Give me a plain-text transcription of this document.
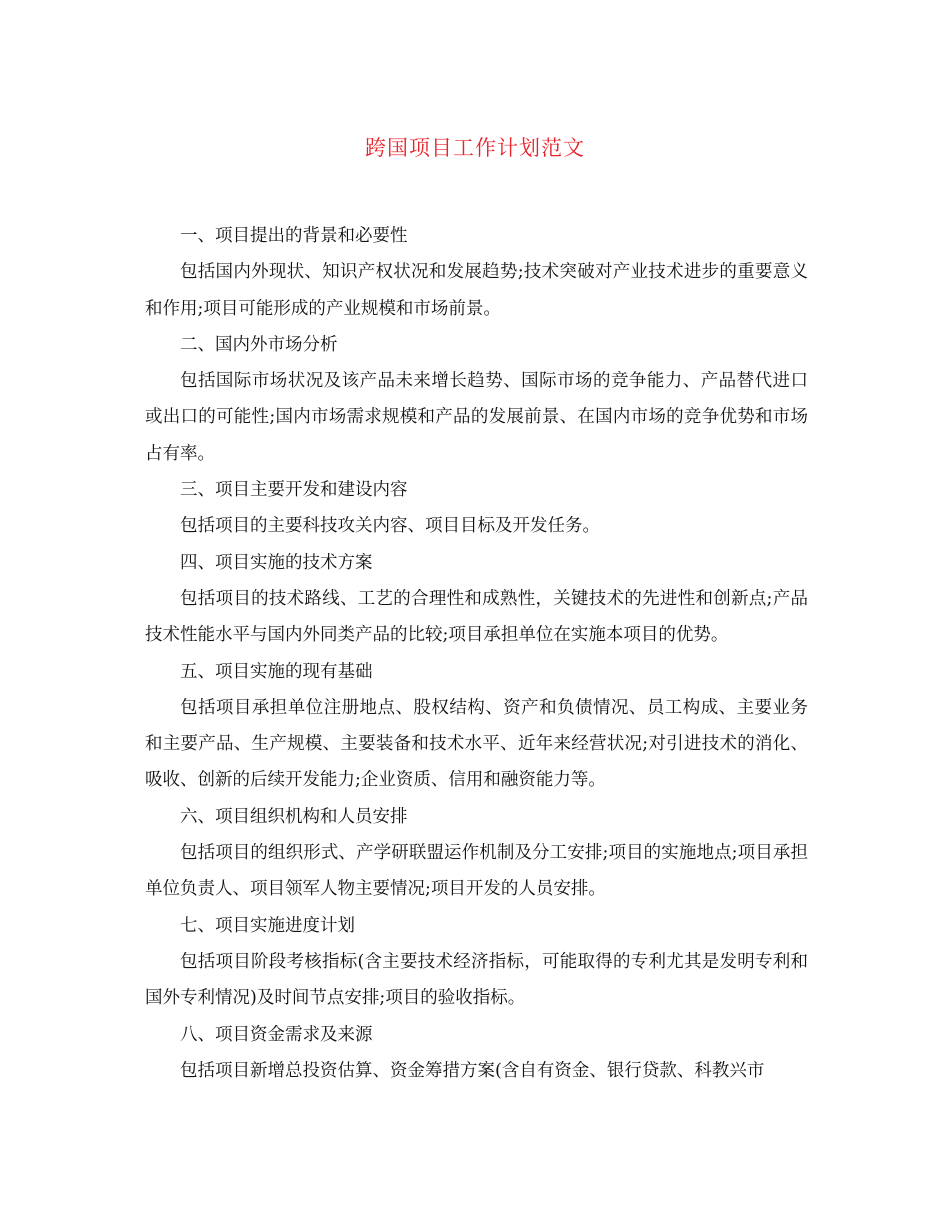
跨国项目工作计划范文

一、项目提出的背景和必要性

包括国内外现状、知识产权状况和发展趋势;技术突破对产业技术进步的重要意义和作用;项目可能形成的产业规模和市场前景。

二、国内外市场分析

包括国际市场状况及该产品未来增长趋势、国际市场的竞争能力、产品替代进口或出口的可能性;国内市场需求规模和产品的发展前景、在国内市场的竞争优势和市场占有率。

三、项目主要开发和建设内容

包括项目的主要科技攻关内容、项目目标及开发任务。

四、项目实施的技术方案

包括项目的技术路线、工艺的合理性和成熟性，关键技术的先进性和创新点;产品技术性能水平与国内外同类产品的比较;项目承担单位在实施本项目的优势。

五、项目实施的现有基础

包括项目承担单位注册地点、股权结构、资产和负债情况、员工构成、主要业务和主要产品、生产规模、主要装备和技术水平、近年来经营状况;对引进技术的消化、吸收、创新的后续开发能力;企业资质、信用和融资能力等。

六、项目组织机构和人员安排

包括项目的组织形式、产学研联盟运作机制及分工安排;项目的实施地点;项目承担单位负责人、项目领军人物主要情况;项目开发的人员安排。

七、项目实施进度计划

包括项目阶段考核指标(含主要技术经济指标，可能取得的专利尤其是发明专利和国外专利情况)及时间节点安排;项目的验收指标。

八、项目资金需求及来源

包括项目新增总投资估算、资金筹措方案(含自有资金、银行贷款、科教兴市
